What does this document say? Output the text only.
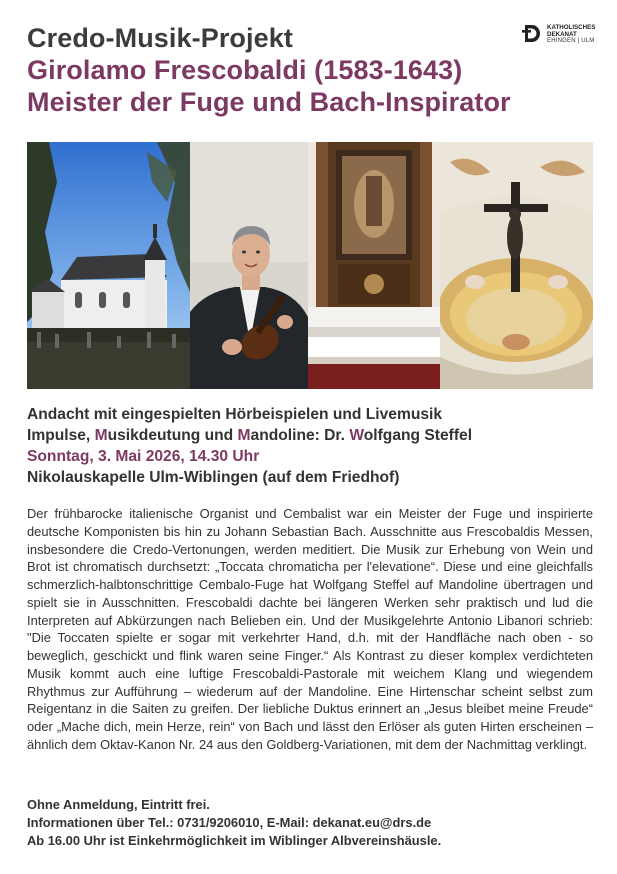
Credo-Musik-Projekt
Girolamo Frescobaldi (1583-1643)
Meister der Fuge und Bach-Inspirator
KATHOLISCHES
DEKANAT
EHINGEN | ULM
Andacht mit eingespielten Hörbeispielen und Livemusik
Impulse, Musikdeutung und Mandoline: Dr. Wolfgang Steffel
Sonntag, 3. Mai 2026, 14.30 Uhr
Nikolauskapelle Ulm-Wiblingen (auf dem Friedhof)
Der frühbarocke italienische Organist und Cembalist war ein Meister der Fuge und inspirierte deutsche Komponisten bis hin zu Johann Sebastian Bach. Ausschnitte aus Frescobaldis Messen, insbesondere die Credo-Vertonungen, werden meditiert. Die Musik zur Erhebung von Wein und Brot ist chromatisch durchsetzt: „Toccata chromaticha per l'elevatione“. Diese und eine gleichfalls schmerzlich-halbtonschrittige Cembalo-Fuge hat Wolfgang Steffel auf Mandoline übertragen und spielt sie in Ausschnitten. Frescobaldi dachte bei längeren Werken sehr praktisch und lud die Interpreten auf Abkürzungen nach Belieben ein. Und der Musikgelehrte Antonio Libanori schrieb: "Die Toccaten spielte er sogar mit verkehrter Hand, d.h. mit der Handfläche nach oben - so beweglich, geschickt und flink waren seine Finger.“ Als Kontrast zu dieser komplex verdichteten Musik kommt auch eine luftige Frescobaldi-Pastorale mit weichem Klang und wiegendem Rhythmus zur Aufführung – wiederum auf der Mandoline. Eine Hirtenschar scheint selbst zum Reigentanz in die Saiten zu greifen. Der liebliche Duktus erinnert an „Jesus bleibet meine Freude“ oder „Mache dich, mein Herze, rein“ von Bach und lässt den Erlöser als guten Hirten erscheinen – ähnlich dem Oktav-Kanon Nr. 24 aus den Goldberg-Variationen, mit dem der Nachmittag verklingt.
Ohne Anmeldung, Eintritt frei.
Informationen über Tel.: 0731/9206010, E-Mail: dekanat.eu@drs.de
Ab 16.00 Uhr ist Einkehrmöglichkeit im Wiblinger Albvereinshäusle.
